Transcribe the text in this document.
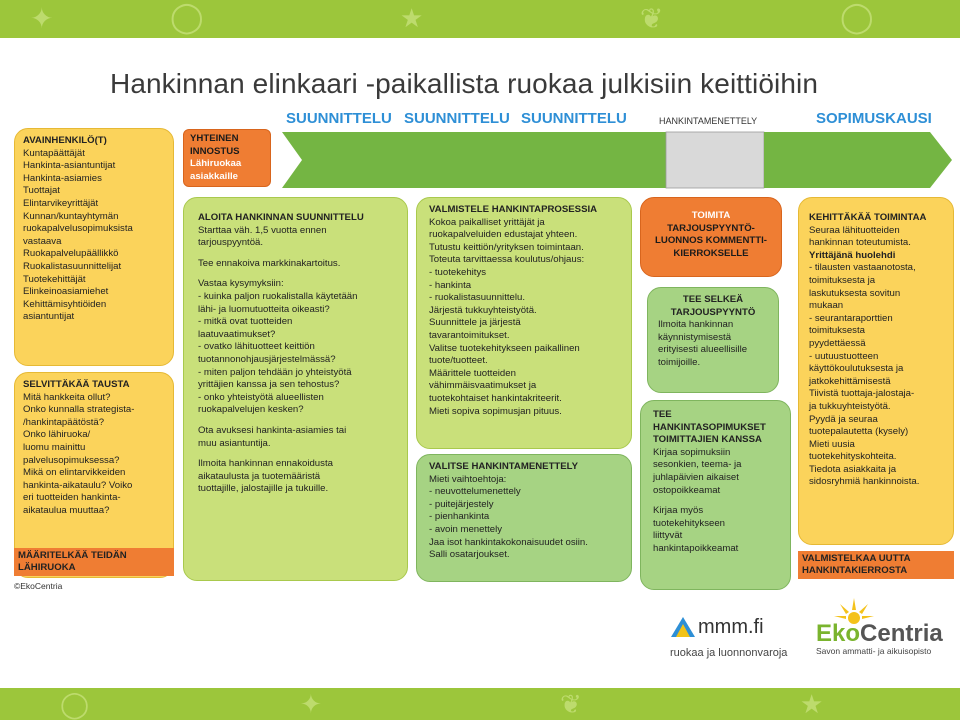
✦	◯	★	❦	◯
◯	✦	❦	★
Hankinnan elinkaari -paikallista ruokaa julkisiin keittiöihin
SUUNNITTELU SUUNNITTELU SUUNNITTELU	HANKINTAMENETTELY	SOPIMUSKAUSI
AVAINHENKILÖ(T)
Kuntapäättäjät
Hankinta-asiantuntijat
Hankinta-asiamies
Tuottajat
Elintarvikeyrittäjät
Kunnan/kuntayhtymän
ruokapalvelusopimuksista
vastaava
Ruokapalvelupäällikkö
Ruokalistasuunnittelijat
Tuotekehittäjät
Elinkeinoasiamiehet
Kehittämisyhtiöiden
asiantuntijat
SELVITTÄKÄÄ TAUSTA
Mitä hankkeita ollut?
Onko kunnalla strategista-
/hankintapäätöstä?
Onko lähiruoka/
luomu mainittu
palvelusopimuksessa?
Mikä on elintarvikkeiden
hankinta-aikataulu? Voiko
eri tuotteiden hankinta-
aikataulua muuttaa?
MÄÄRITELKÄÄ TEIDÄN LÄHIRUOKA
©EkoCentria
YHTEINEN
INNOSTUS
Lähiruokaa
asiakkaille
ALOITA HANKINNAN SUUNNITTELU
Starttaa väh. 1,5 vuotta ennen
tarjouspyyntöä.
Tee ennakoiva markkinakartoitus.
Vastaa kysymyksiin:
- kuinka paljon ruokalistalla käytetään
lähi- ja luomutuotteita oikeasti?
- mitkä ovat tuotteiden
laatuvaatimukset?
- ovatko lähituotteet keittiön
tuotannonohjausjärjestelmässä?
- miten paljon tehdään jo yhteistyötä
yrittäjien kanssa ja sen tehostus?
- onko yhteistyötä alueellisten
ruokapalvelujen kesken?
Ota avuksesi hankinta-asiamies tai
muu asiantuntija.
Ilmoita hankinnan ennakoidusta
aikataulusta ja tuotemääristä
tuottajille, jalostajille ja tukuille.
VALMISTELE HANKINTAPROSESSIA
Kokoa paikalliset yrittäjät ja
ruokapalveluiden edustajat yhteen.
Tutustu keittiön/yrityksen toimintaan.
Toteuta tarvittaessa koulutus/ohjaus:
- tuotekehitys
- hankinta
- ruokalistasuunnittelu.
Järjestä tukkuyhteistyötä.
Suunnittele ja järjestä
tavarantoimitukset.
Valitse tuotekehitykseen paikallinen
tuote/tuotteet.
Määrittele tuotteiden
vähimmäisvaatimukset ja
tuotekohtaiset hankintakriteerit.
Mieti sopiva sopimusjan pituus.
VALITSE HANKINTAMENETTELY
Mieti vaihtoehtoja:
- neuvottelumenettely
- puitejärjestely
- pienhankinta
- avoin menettely
Jaa isot hankintakokonaisuudet osiin.
Salli osatarjoukset.
TOIMITA
TARJOUSPYYNTÖ-
LUONNOS KOMMENTTI-
KIERROKSELLE
TEE SELKEÄ
TARJOUSPYYNTÖ
Ilmoita hankinnan
käynnistymisestä
erityisesti alueellisille
toimijoille.
TEE
HANKINTASOPIMUKSET
TOIMITTAJIEN KANSSA
Kirjaa sopimuksiin
sesonkien, teema- ja
juhlapäivien aikaiset
ostopoikkeamat
Kirjaa myös
tuotekehitykseen
liittyvät
hankintapoikkeamat
KEHITTÄKÄÄ TOIMINTAA
Seuraa lähituotteiden
hankinnan toteutumista.
Yrittäjänä huolehdi
- tilausten vastaanotosta,
toimituksesta ja
laskutuksesta sovitun
mukaan
- seurantaraporttien
toimituksesta
pyydettäessä
- uutuustuotteen
käyttökoulutuksesta ja
jatkokehittämisestä
Tiivistä tuottaja-jalostaja-
ja tukkuyhteistyötä.
Pyydä ja seuraa
tuotepalautetta (kysely)
Mieti uusia
tuotekehityskohteita.
Tiedota asiakkaita ja
sidosryhmiä hankinnoista.
VALMISTELKAA UUTTA HANKINTAKIERROSTA
mmm.fi
ruokaa ja luonnonvaroja
EkoCentria
Savon ammatti- ja aikuisopisto
